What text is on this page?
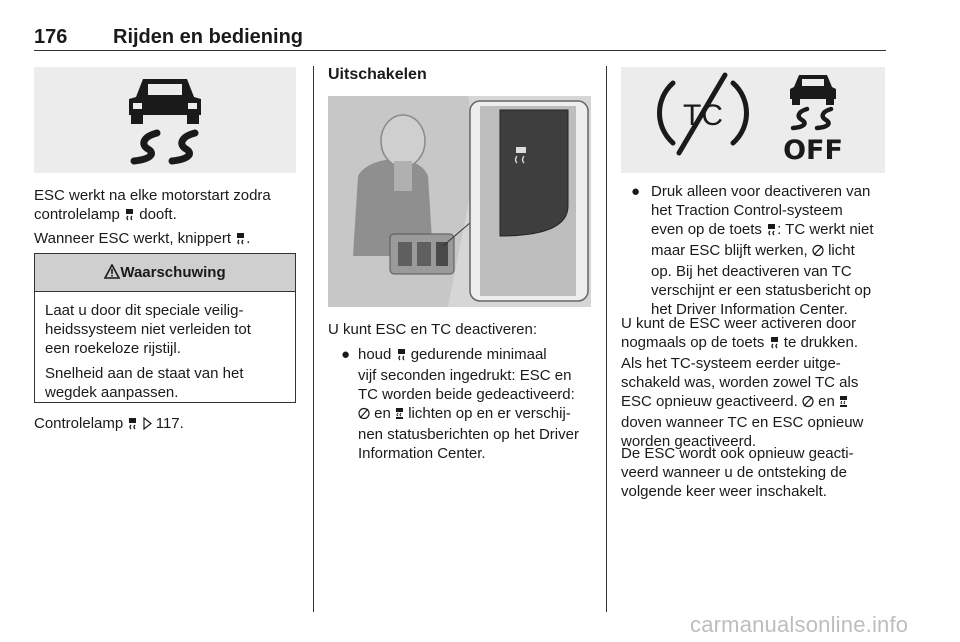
176 Rijden en bediening
ESC werkt na elke motorstart zodra
controlelamp dooft.
Wanneer ESC werkt, knippert .
Waarschuwing
Laat u door dit speciale veilig-
heidssysteem niet verleiden tot
een roekeloze rijstijl.
Snelheid aan de staat van het
wegdek aanpassen.
Controlelamp 117.
Uitschakelen
U kunt ESC en TC deactiveren:
● houd gedurende minimaal
vijf seconden ingedrukt: ESC en
TC worden beide gedeactiveerd:
en lichten op en er verschij-
nen statusberichten op het Driver
Information Center.
TC
OFF
● Druk alleen voor deactiveren van
het Traction Control-systeem
even op de toets : TC werkt niet
maar ESC blijft werken, licht
op. Bij het deactiveren van TC
verschijnt er een statusbericht op
het Driver Information Center.
U kunt de ESC weer activeren door
nogmaals op de toets te drukken.
Als het TC-systeem eerder uitge-
schakeld was, worden zowel TC als
ESC opnieuw geactiveerd. en
doven wanneer TC en ESC opnieuw
worden geactiveerd.
De ESC wordt ook opnieuw geacti-
veerd wanneer u de ontsteking de
volgende keer weer inschakelt.
carmanualsonline.info
